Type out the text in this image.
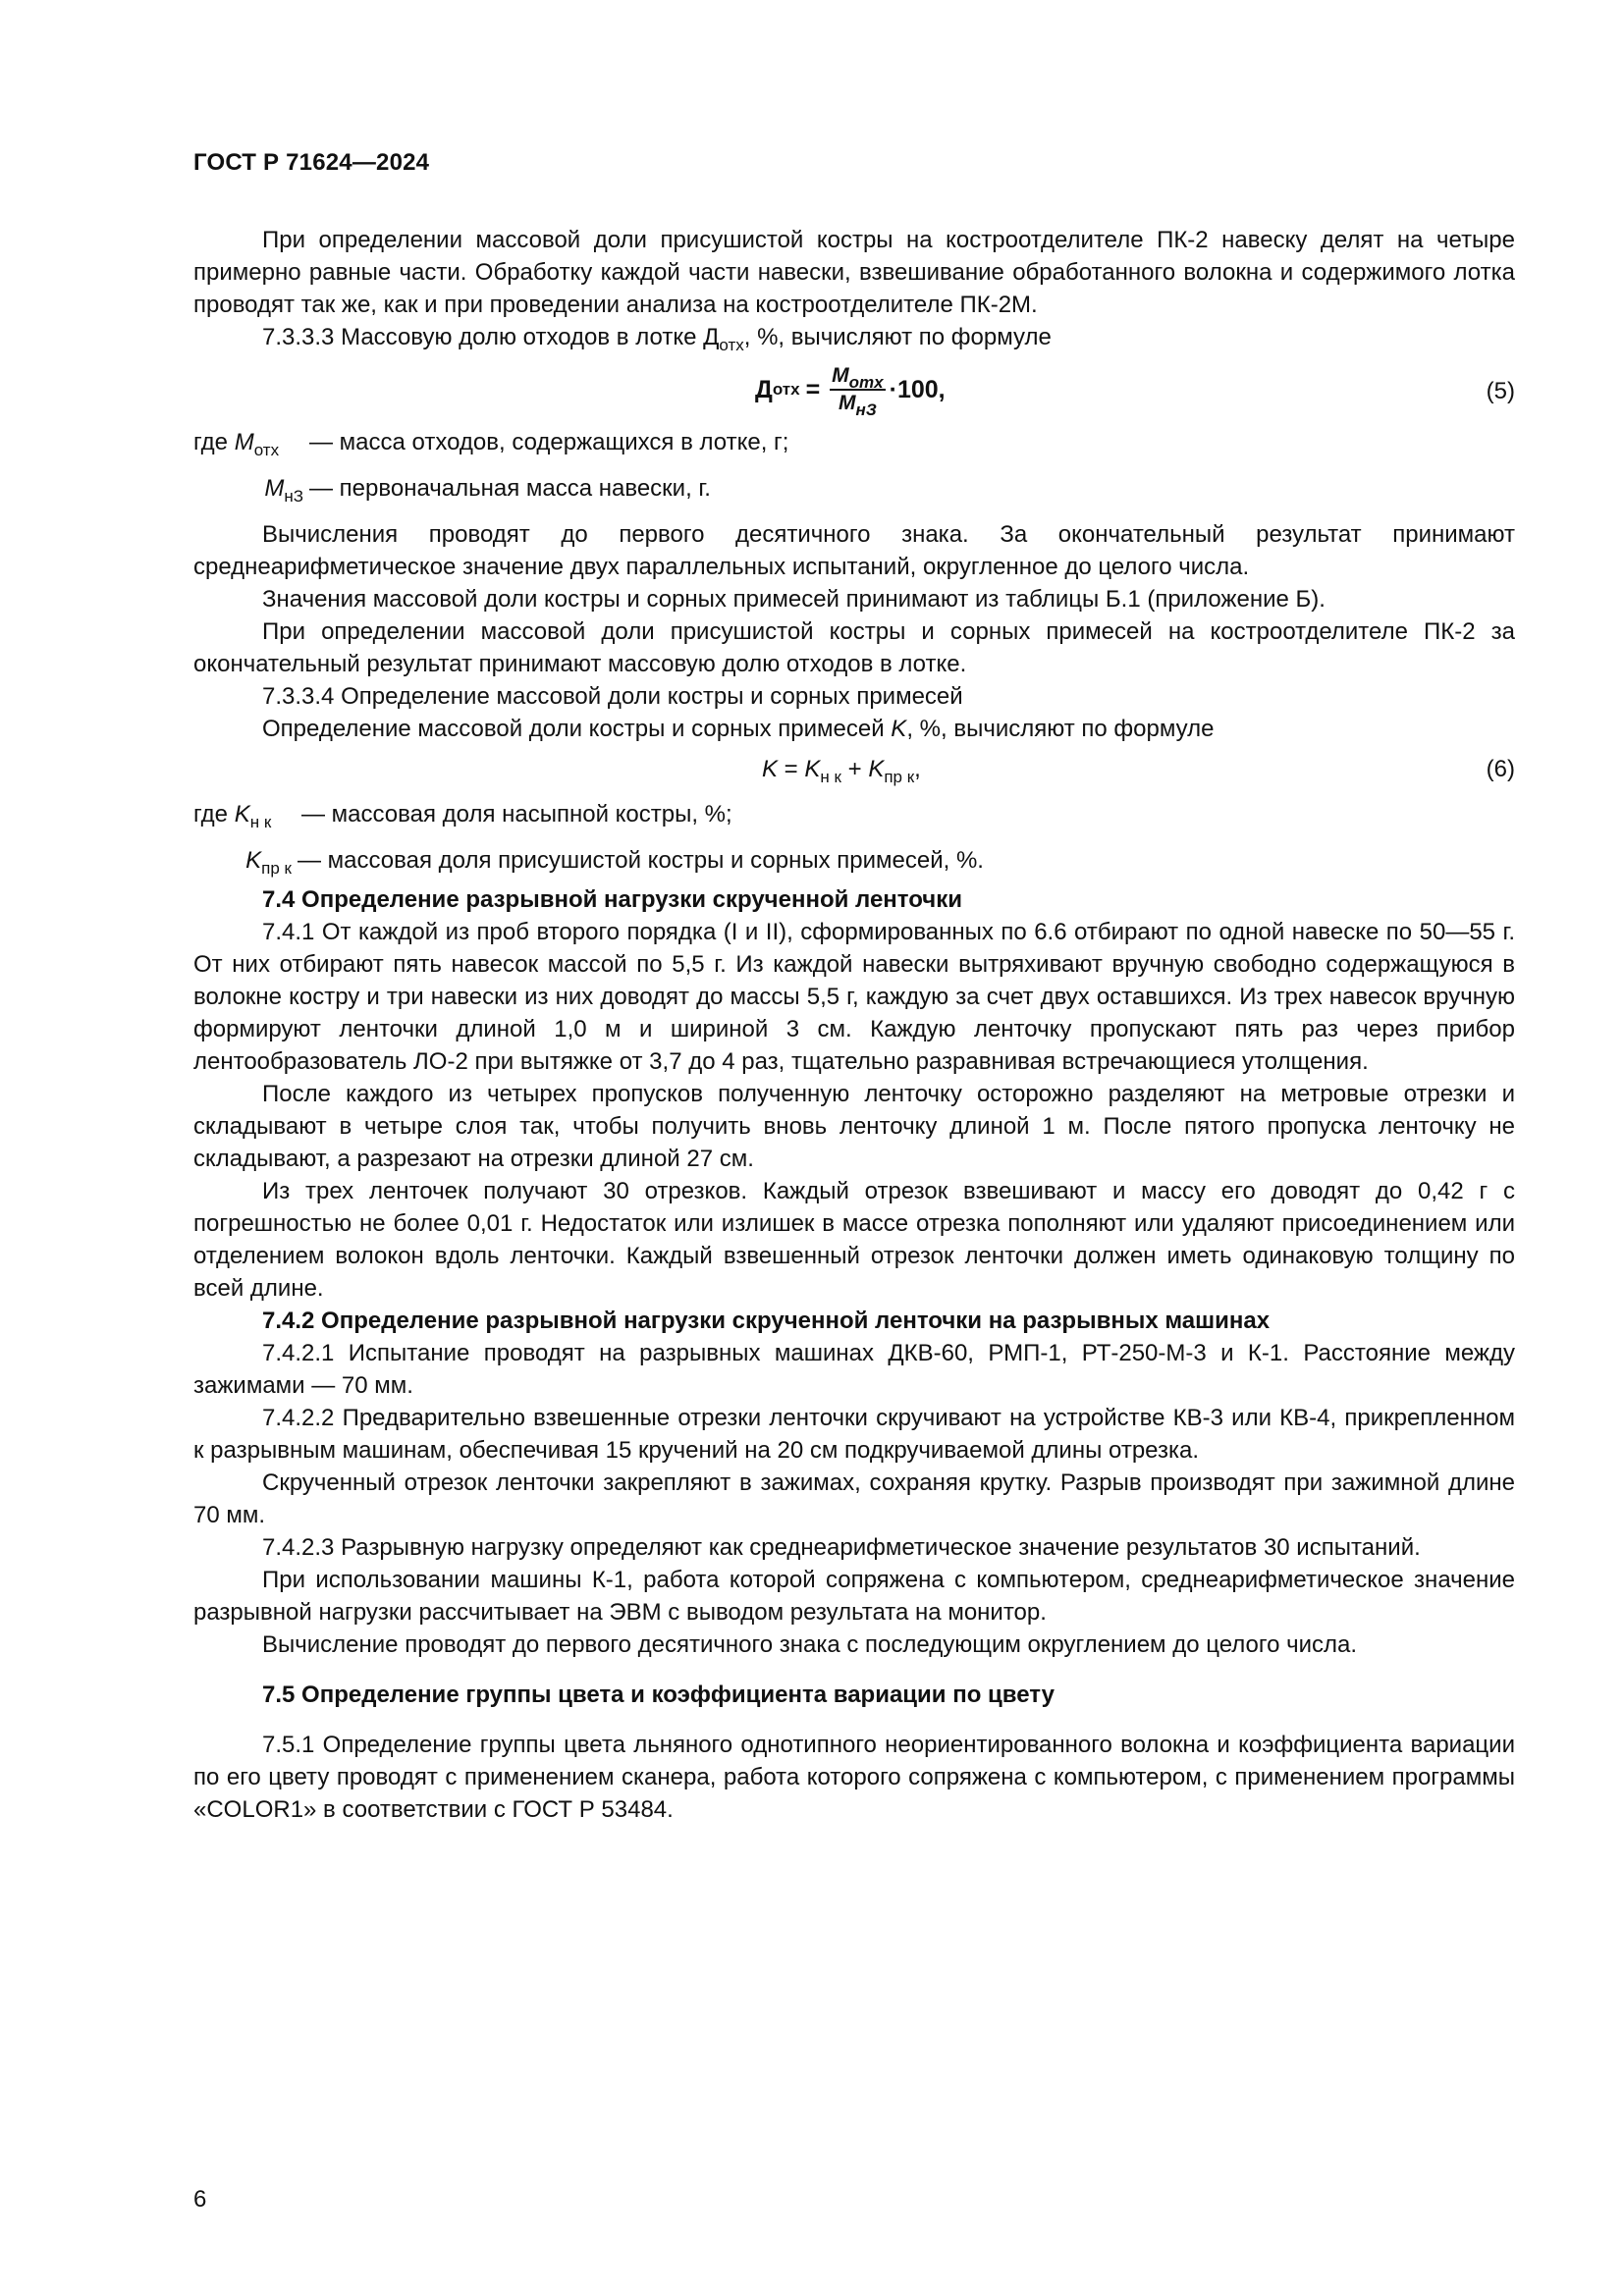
ГОСТ Р 71624—2024

При определении массовой доли присушистой костры на костроотделителе ПК-2 навеску делят на четыре примерно равные части. Обработку каждой части навески, взвешивание обработанного волокна и содержимого лотка проводят так же, как и при проведении анализа на костроотделителе ПК-2М.

7.3.3.3 Массовую долю отходов в лотке $Д_{отх}$, %, вычисляют по формуле

Д отх = $\frac{M_{отх}}{M_{нЗ}} \cdot 100$,	(5)
где $M_{отх}$	— масса отходов, содержащихся в лотке, г;
$M_{нЗ}$ — первоначальная масса навески, г.

Вычисления проводят до первого десятичного знака. За окончательный результат принимают среднеарифметическое значение двух параллельных испытаний, округленное до целого числа.

Значения массовой доли костры и сорных примесей принимают из таблицы Б.1 (приложение Б).

При определении массовой доли присушистой костры и сорных примесей на костроотделителе ПК-2 за окончательный результат принимают массовую долю отходов в лотке.

7.3.3.4 Определение массовой доли костры и сорных примесей

Определение массовой доли костры и сорных примесей K, %, вычисляют по формуле

$K = K_{н к} + K_{пр к}$,	(6)
где $K_{н к}$	— массовая доля насыпной костры, %;
$K_{пр к}$ — массовая доля присушистой костры и сорных примесей, %.

7.4 Определение разрывной нагрузки скрученной ленточки

7.4.1 От каждой из проб второго порядка (I и II), сформированных по 6.6 отбирают по одной навеске по 50—55 г. От них отбирают пять навесок массой по 5,5 г. Из каждой навески вытряхивают вручную свободно содержащуюся в волокне костру и три навески из них доводят до массы 5,5 г, каждую за счет двух оставшихся. Из трех навесок вручную формируют ленточки длиной 1,0 м и шириной 3 см. Каждую ленточку пропускают пять раз через прибор лентообразователь ЛО-2 при вытяжке от 3,7 до 4 раз, тщательно разравнивая встречающиеся утолщения.

После каждого из четырех пропусков полученную ленточку осторожно разделяют на метровые отрезки и складывают в четыре слоя так, чтобы получить вновь ленточку длиной 1 м. После пятого пропуска ленточку не складывают, а разрезают на отрезки длиной 27 см.

Из трех ленточек получают 30 отрезков. Каждый отрезок взвешивают и массу его доводят до 0,42 г с погрешностью не более 0,01 г. Недостаток или излишек в массе отрезка пополняют или удаляют присоединением или отделением волокон вдоль ленточки. Каждый взвешенный отрезок ленточки должен иметь одинаковую толщину по всей длине.

7.4.2 Определение разрывной нагрузки скрученной ленточки на разрывных машинах

7.4.2.1 Испытание проводят на разрывных машинах ДКВ-60, РМП-1, РТ-250-М-3 и К-1. Расстояние между зажимами — 70 мм.

7.4.2.2 Предварительно взвешенные отрезки ленточки скручивают на устройстве КВ-3 или КВ-4, прикрепленном к разрывным машинам, обеспечивая 15 кручений на 20 см подкручиваемой длины отрезка.

Скрученный отрезок ленточки закрепляют в зажимах, сохраняя крутку. Разрыв производят при зажимной длине 70 мм.

7.4.2.3 Разрывную нагрузку определяют как среднеарифметическое значение результатов 30 испытаний.

При использовании машины К-1, работа которой сопряжена с компьютером, среднеарифметическое значение разрывной нагрузки рассчитывает на ЭВМ с выводом результата на монитор.

Вычисление проводят до первого десятичного знака с последующим округлением до целого числа.

7.5 Определение группы цвета и коэффициента вариации по цвету

7.5.1 Определение группы цвета льняного однотипного неориентированного волокна и коэффициента вариации по его цвету проводят с применением сканера, работа которого сопряжена с компьютером, с применением программы «COLOR1» в соответствии с ГОСТ Р 53484.

6
